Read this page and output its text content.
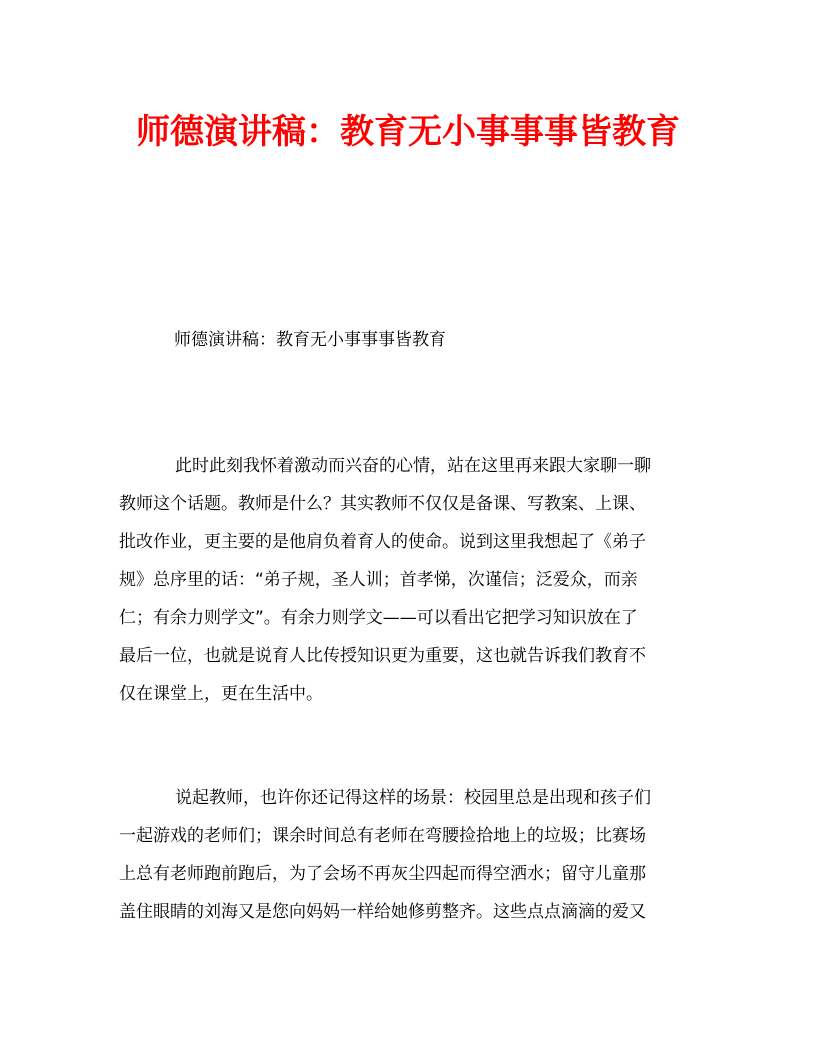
师德演讲稿：教育无小事事事皆教育

师德演讲稿：教育无小事事事皆教育

此时此刻我怀着激动而兴奋的心情，站在这里再来跟大家聊一聊
教师这个话题。教师是什么？其实教师不仅仅是备课、写教案、上课、
批改作业，更主要的是他肩负着育人的使命。说到这里我想起了《弟子
规》总序里的话：“弟子规，圣人训；首孝悌，次谨信；泛爱众，而亲
仁；有余力则学文”。有余力则学文——可以看出它把学习知识放在了
最后一位，也就是说育人比传授知识更为重要，这也就告诉我们教育不
仅在课堂上，更在生活中。
说起教师，也许你还记得这样的场景：校园里总是出现和孩子们
一起游戏的老师们；课余时间总有老师在弯腰捡拾地上的垃圾；比赛场
上总有老师跑前跑后，为了会场不再灰尘四起而得空洒水；留守儿童那
盖住眼睛的刘海又是您向妈妈一样给她修剪整齐。这些点点滴滴的爱又
